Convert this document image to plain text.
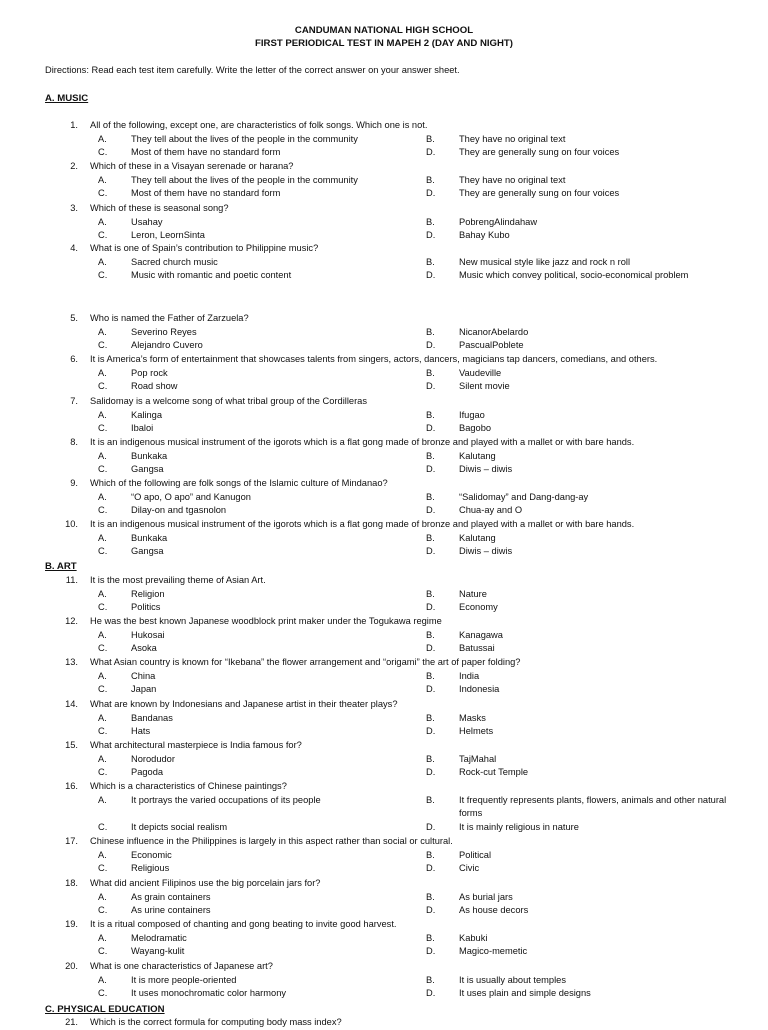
CANDUMAN NATIONAL HIGH SCHOOL
FIRST PERIODICAL TEST IN MAPEH 2 (DAY AND NIGHT)
Directions: Read each test item carefully. Write the letter of the correct answer on your answer sheet.
A. MUSIC
B. ART
C. PHYSICAL EDUCATION
1. All of the following, except one, are characteristics of folk songs. Which one is not.
A.	They tell about the lives of the people in the community	B.	They have no original text
C.	Most of them have no standard form	D.	They are generally sung on four voices
2. Which of these in a Visayan serenade or harana?
A.	They tell about the lives of the people in the community	B.	They have no original text
C.	Most of them have no standard form	D.	They are generally sung on four voices
3. Which of these is seasonal song?
A.	Usahay	B.	PobrengAlindahaw
C.	Leron, LeornSinta	D.	Bahay Kubo
4. What is one of Spain’s contribution to Philippine music?
A.	Sacred church music	B.	New musical style like jazz and rock n roll
C.	Music with romantic and poetic content	D.	Music which convey political, socio-economical problem
5. Who is named the Father of Zarzuela?
A.	Severino Reyes	B.	NicanorAbelardo
C.	Alejandro Cuvero	D.	PascualPoblete
6. It is America’s form of entertainment that showcases talents from singers, actors, dancers, magicians tap dancers, comedians, and others.
A.	Pop rock	B.	Vaudeville
C.	Road show	D.	Silent movie
7. Salidomay is a welcome song of what tribal group of the Cordilleras
A.	Kalinga	B.	Ifugao
C.	Ibaloi	D.	Bagobo
8. It is an indigenous musical instrument of the igorots which is a flat gong made of bronze and played with a mallet or with bare hands.
A.	Bunkaka	B.	Kalutang
C.	Gangsa	D.	Diwis – diwis
9. Which of the following are folk songs of the Islamic culture of Mindanao?
A.	“O apo, O apo” and Kanugon	B.	“Salidomay” and Dang-dang-ay
C.	Dilay-on and tgasnolon	D.	Chua-ay and O
10. It is an indigenous musical instrument of the igorots which is a flat gong made of bronze and played with a mallet or with bare hands.
A.	Bunkaka	B.	Kalutang
C.	Gangsa	D.	Diwis – diwis
11. It is the most prevailing theme of Asian Art.
A.	Religion	B.	Nature
C.	Politics	D.	Economy
12. He was the best known Japanese woodblock print maker under the Togukawa regime
A.	Hukosai	B.	Kanagawa
C.	Asoka	D.	Batussai
13. What Asian country is known for “Ikebana” the flower arrangement and “origami” the art of paper folding?
A.	China	B.	India
C.	Japan	D.	Indonesia
14. What are known by Indonesians and Japanese artist in their theater plays?
A.	Bandanas	B.	Masks
C.	Hats	D.	Helmets
15. What architectural masterpiece is India famous for?
A.	Norodudor	B.	TajMahal
C.	Pagoda	D.	Rock-cut Temple
16. Which is a characteristics of Chinese paintings?
A.	It portrays the varied occupations of its people	B.	It frequently represents plants, flowers, animals and other natural forms
C.	It depicts social realism	D.	It is mainly religious in nature
17. Chinese influence in the Philippines is largely in this aspect rather than social or cultural.
A.	Economic	B.	Political
C.	Religious	D.	Civic
18. What did ancient Filipinos use the big porcelain jars for?
A.	As grain containers	B.	As burial jars
C.	As urine containers	D.	As house decors
19. It is a ritual composed of chanting and gong beating to invite good harvest.
A.	Melodramatic	B.	Kabuki
C.	Wayang-kulit	D.	Magico-memetic
20. What is one characteristics of Japanese art?
A.	It is more people-oriented	B.	It is usually about temples
C.	It uses monochromatic color harmony	D.	It uses plain and simple designs
21. Which is the correct formula for computing body mass index?
